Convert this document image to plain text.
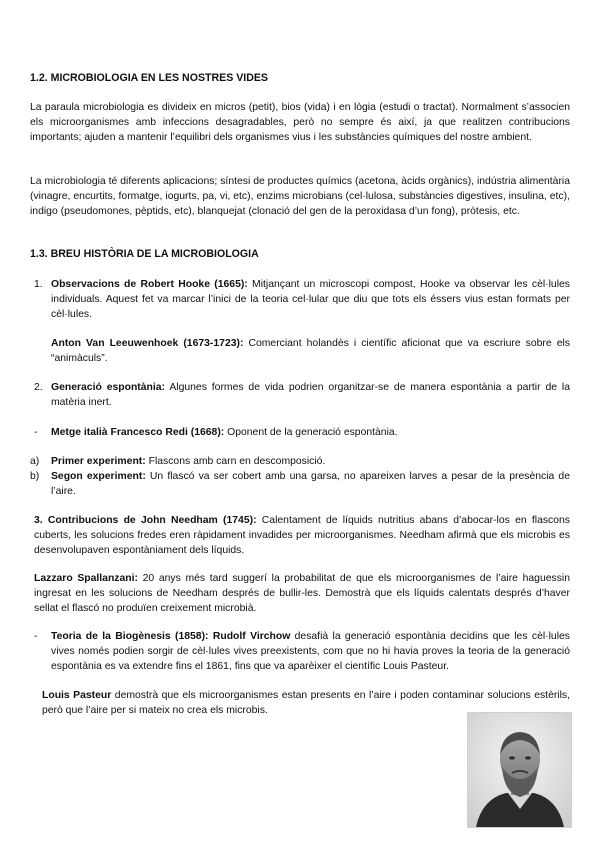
1.2. MICROBIOLOGIA EN LES NOSTRES VIDES

La paraula microbiologia es divideix en micros (petit), bios (vida) i en lògia (estudi o tractat). Normalment s’associen els microorganismes amb infeccions desagradables, però no sempre és així, ja que realitzen contribucions importants; ajuden a mantenir l’equilibri dels organismes vius i les substàncies químiques del nostre ambient.

La microbiologia té diferents aplicacions; síntesi de productes químics (acetona, àcids orgànics), indústria alimentària (vinagre, encurtits, formatge, iogurts, pa, vi, etc), enzims microbians (cel·lulosa, substàncies digestives, insulina, etc), indigo (pseudomones, pèptids, etc), blanquejat (clonació del gen de la peroxidasa d’un fong), pròtesis, etc.

1.3. BREU HISTÒRIA DE LA MICROBIOLOGIA
1. Observacions de Robert Hooke (1665): Mitjançant un microscopi compost, Hooke va observar les cèl·lules individuals. Aquest fet va marcar l’inici de la teoria cel·lular que diu que tots els éssers vius estan formats per cèl·lules.

Anton Van Leeuwenhoek (1673-1723): Comerciant holandès i científic aficionat que va escriure sobre els “animàculs”.

2. Generació espontània: Algunes formes de vida podrien organitzar-se de manera espontània a partir de la matèria inert.

- Metge italià Francesco Redi (1668): Oponent de la generació espontània.

a) Primer experiment: Flascons amb carn en descomposició.

b) Segon experiment: Un flascó va ser cobert amb una garsa, no apareixen larves a pesar de la presència de l’aire.

3. Contribucions de John Needham (1745): Calentament de líquids nutritius abans d’abocar-los en flascons cuberts, les solucions fredes eren ràpidament invadides per microorganismes. Needham afirmà que els microbis es desenvolupaven espontàniament dels líquids.

Lazzaro Spallanzani: 20 anys més tard suggerí la probabilitat de que els microorganismes de l’aire haguessin ingresat en les solucions de Needham després de bullir-les. Demostrà que els líquids calentats després d’haver sellat el flascó no produïen creixement microbià.

- Teoria de la Biogènesis (1858): Rudolf Virchow desafià la generació espontània decidins que les cèl·lules vives només podien sorgir de cèl·lules vives preexistents, com que no hi havia proves la teoria de la generació espontània es va extendre fins el 1861, fins que va aparèixer el científic Louis Pasteur.

Louis Pasteur demostrà que els microorganismes estan presents en l’aire i poden contaminar solucions estèrils, però que l’aire per si mateix no crea els microbis.
